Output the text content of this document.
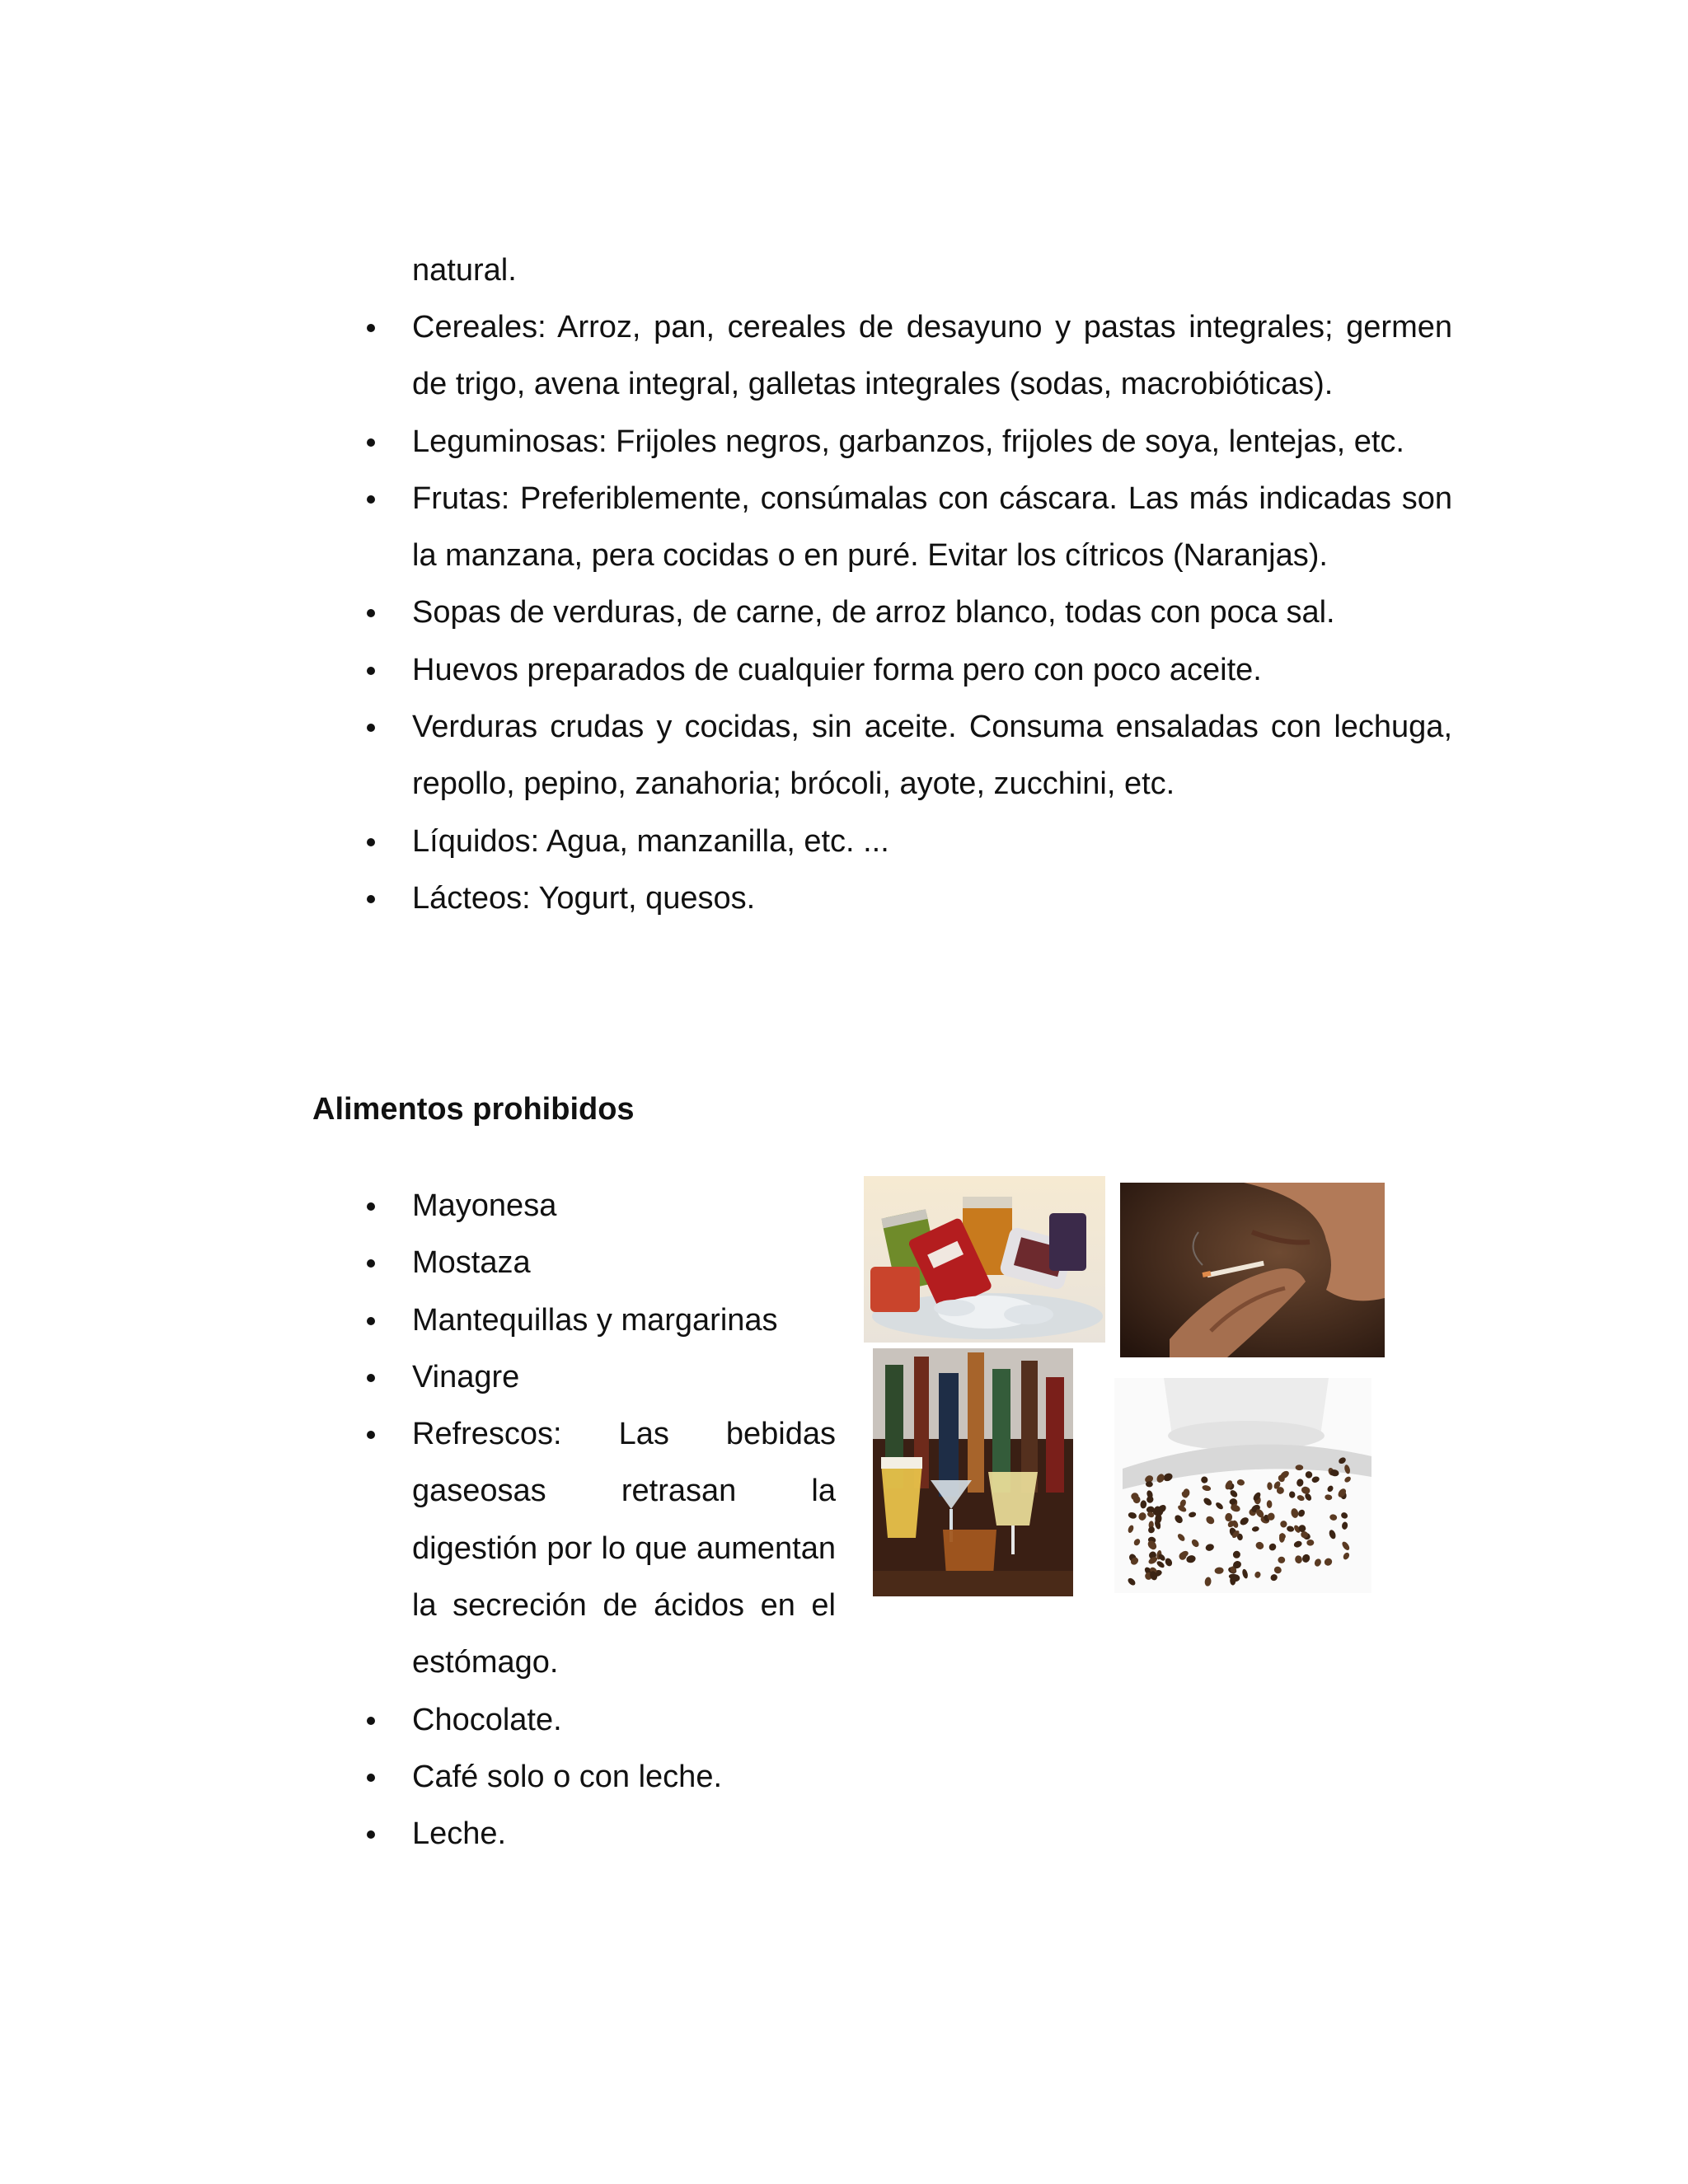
natural.

Cereales: Arroz, pan, cereales de desayuno y pastas integrales; germen de trigo, avena integral, galletas integrales (sodas, macrobióticas).
Leguminosas: Frijoles negros, garbanzos, frijoles de soya, lentejas, etc.
Frutas: Preferiblemente, consúmalas con cáscara. Las más indicadas son la manzana, pera cocidas o en puré. Evitar los cítricos (Naranjas).
Sopas de verduras, de carne, de arroz blanco, todas con poca sal.
Huevos preparados de cualquier forma pero con poco aceite.
Verduras crudas y cocidas, sin aceite. Consuma ensaladas con lechuga, repollo, pepino, zanahoria; brócoli, ayote, zucchini, etc.
Líquidos: Agua, manzanilla, etc. ...
Lácteos: Yogurt, quesos.
Alimentos prohibidos
Mayonesa
Mostaza
Mantequillas y margarinas
Vinagre
Refrescos: Las bebidas gaseosas retrasan la digestión por lo que aumentan la secreción de ácidos en el estómago.
Chocolate.
Café solo o con leche.
Leche.
